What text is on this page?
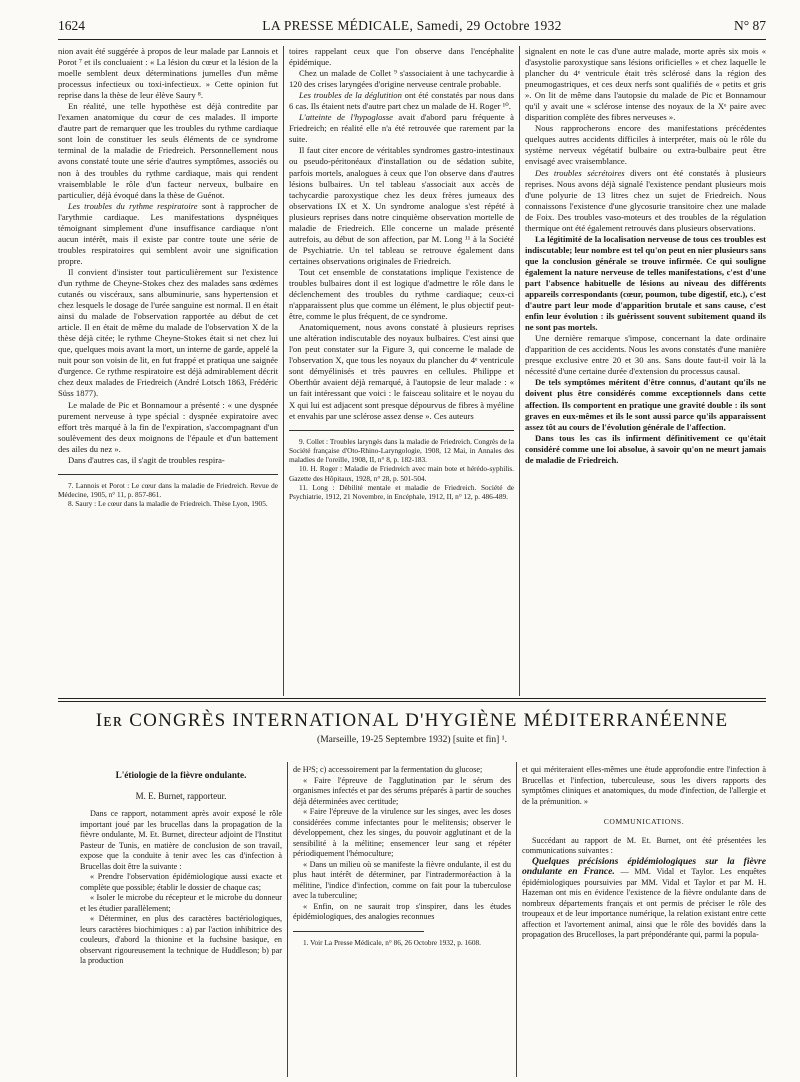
1624	LA PRESSE MÉDICALE, Samedi, 29 Octobre 1932	N° 87

nion avait été suggérée à propos de leur malade par Lannois et Porot ⁷ et ils concluaient : « La lésion du cœur et la lésion de la moelle semblent deux déterminations jumelles d'un même processus infectieux ou toxi-infectieux. » Cette opinion fut reprise dans la thèse de leur élève Saury ⁸.

En réalité, une telle hypothèse est déjà contredite par l'examen anatomique du cœur de ces malades. Il importe d'autre part de remarquer que les troubles du rythme cardiaque sont loin de constituer les seuls éléments de ce syndrome terminal de la maladie de Friedreich. Personnellement nous avons constaté toute une série d'autres symptômes, associés ou non à des troubles du rythme cardiaque, mais qui rendent vraisemblable le rôle d'un facteur nerveux, bulbaire en particulier, déjà évoqué dans la thèse de Guénot.

Les troubles du rythme respiratoire sont à rapprocher de l'arythmie cardiaque. Les manifestations dyspnéiques témoignant simplement d'une insuffisance cardiaque n'ont aucun intérêt, mais il existe par contre toute une série de troubles respiratoires qui semblent avoir une signification propre.

Il convient d'insister tout particulièrement sur l'existence d'un rythme de Cheyne-Stokes chez des malades sans œdèmes cutanés ou viscéraux, sans albuminurie, sans hypertension et chez lesquels le dosage de l'urée sanguine est normal. Il en était ainsi du malade de l'observation rapportée au début de cet article. Il en était de même du malade de l'observation X de la thèse déjà citée; le rythme Cheyne-Stokes était si net chez lui que, quelques mois avant la mort, un interne de garde, appelé la nuit pour son voisin de lit, en fut frappé et pratiqua une saignée d'urgence. Ce rythme respiratoire est déjà admirablement décrit chez deux malades de Friedreich (André Lotsch 1863, Frédéric Süss 1877).

Le malade de Pic et Bonnamour a présenté : « une dyspnée purement nerveuse à type spécial : dyspnée expiratoire avec effort très marqué à la fin de l'expiration, s'accompagnant d'un soulèvement des deux moignons de l'épaule et d'un battement des ailes du nez ».

Dans d'autres cas, il s'agit de troubles respira-

7. Lannois et Porot : Le cœur dans la maladie de Friedreich. Revue de Médecine, 1905, n° 11, p. 857-861.

8. Saury : Le cœur dans la maladie de Friedreich. Thèse Lyon, 1905.

toires rappelant ceux que l'on observe dans l'encéphalite épidémique.

Chez un malade de Collet ⁹ s'associaient à une tachycardie à 120 des crises laryngées d'origine nerveuse centrale probable.

Les troubles de la déglutition ont été constatés par nous dans 6 cas. Ils étaient nets d'autre part chez un malade de H. Roger ¹⁰.

L'atteinte de l'hypoglosse avait d'abord paru fréquente à Friedreich; en réalité elle n'a été retrouvée que rarement par la suite.

Il faut citer encore de véritables syndromes gastro-intestinaux ou pseudo-péritonéaux d'installation ou de sédation subite, parfois mortels, analogues à ceux que l'on observe dans d'autres lésions bulbaires. Un tel tableau s'associait aux accès de tachycardie paroxystique chez les deux frères jumeaux des observations IX et X. Un syndrome analogue s'est répété à plusieurs reprises dans notre cinquième observation mortelle de maladie de Friedreich. Elle concerne un malade présenté autrefois, au début de son affection, par M. Long ¹¹ à la Société de Psychiatrie. Un tel tableau se retrouve également dans certaines observations originales de Friedreich.

Tout cet ensemble de constatations implique l'existence de troubles bulbaires dont il est logique d'admettre le rôle dans le déclenchement des troubles du rythme cardiaque; ceux-ci n'apparaissent plus que comme un élément, le plus objectif peut-être, comme le plus fréquent, de ce syndrome.

Anatomiquement, nous avons constaté à plusieurs reprises une altération indiscutable des noyaux bulbaires. C'est ainsi que l'on peut constater sur la Figure 3, qui concerne le malade de l'observation X, que tous les noyaux du plancher du 4ᵉ ventricule sont démyélinisés et très pauvres en cellules. Philippe et Oberthür avaient déjà remarqué, à l'autopsie de leur malade : « un fait intéressant que voici : le faisceau solitaire et le noyau du X qui lui est adjacent sont presque dépourvus de fibres à myéline et envahis par une sclérose assez dense ». Ces auteurs

9. Collet : Troubles laryngés dans la maladie de Friedreich. Congrès de la Société française d'Oto-Rhino-Laryngologie, 1908, 12 Mai, in Annales des maladies de l'oreille, 1908, II, n° 8, p. 182-183.

10. H. Roger : Maladie de Friedreich avec main bote et hérédo-syphilis. Gazette des Hôpitaux, 1928, n° 28, p. 501-504.

11. Long : Débilité mentale et maladie de Friedreich. Société de Psychiatrie, 1912, 21 Novembre, in Encéphale, 1912, II, n° 12, p. 486-489.

signalent en note le cas d'une autre malade, morte après six mois « d'asystolie paroxystique sans lésions orificielles » et chez laquelle le plancher du 4ᵉ ventricule était très sclérosé dans la région des pneumogastriques, et ces deux nerfs sont qualifiés de « petits et gris ». On lit de même dans l'autopsie du malade de Pic et Bonnamour qu'il y avait une « sclérose intense des noyaux de la Xᵉ paire avec disparition complète des fibres nerveuses ».

Nous rapprocherons encore des manifestations précédentes quelques autres accidents difficiles à interpréter, mais où le rôle du système nerveux végétatif bulbaire ou extra-bulbaire peut être envisagé avec vraisemblance.

Des troubles sécrétoires divers ont été constatés à plusieurs reprises. Nous avons déjà signalé l'existence pendant plusieurs mois d'une polyurie de 13 litres chez un sujet de Friedreich. Nous connaissons l'existence d'une glycosurie transitoire chez une malade de Foix. Des troubles vaso-moteurs et des troubles de la régulation thermique ont été également retrouvés dans plusieurs observations.

La légitimité de la localisation nerveuse de tous ces troubles est indiscutable; leur nombre est tel qu'on peut en nier plusieurs sans que la conclusion générale se trouve infirmée. Ce qui souligne également la nature nerveuse de telles manifestations, c'est d'une part l'absence habituelle de lésions au niveau des différents appareils correspondants (cœur, poumon, tube digestif, etc.), c'est d'autre part leur mode d'apparition brutale et sans cause, c'est enfin leur évolution : ils guérissent souvent subitement quand ils ne sont pas mortels.

Une dernière remarque s'impose, concernant la date ordinaire d'apparition de ces accidents. Nous les avons constatés d'une manière presque exclusive entre 20 et 30 ans. Sans doute faut-il voir là la nécessité d'une certaine durée d'extension du processus causal.

De tels symptômes méritent d'être connus, d'autant qu'ils ne doivent plus être considérés comme exceptionnels dans cette affection. Ils comportent en pratique une gravité double : ils sont graves en eux-mêmes et ils le sont aussi parce qu'ils apparaissent assez tôt au cours de l'évolution générale de l'affection.

Dans tous les cas ils infirment définitivement ce qu'était considéré comme une loi absolue, à savoir qu'on ne meurt jamais de maladie de Friedreich.

Iᴇʀ CONGRÈS INTERNATIONAL D'HYGIÈNE MÉDITERRANÉENNE
(Marseille, 19-25 Septembre 1932) [suite et fin] ¹.

L'étiologie de la fièvre ondulante.

M. E. Burnet, rapporteur.

Dans ce rapport, notamment après avoir exposé le rôle important joué par les brucellas dans la propagation de la fièvre ondulante, M. Et. Burnet, directeur adjoint de l'Institut Pasteur de Tunis, en matière de conclusion de son travail, expose que la conduite à tenir avec les cas d'infection à Brucellas doit être la suivante :

« Prendre l'observation épidémiologique aussi exacte et complète que possible; établir le dossier de chaque cas;

« Isoler le microbe du récepteur et le microbe du donneur et les étudier parallèlement;

« Déterminer, en plus des caractères bactériologiques, leurs caractères biochimiques : a) par l'action inhibitrice des couleurs, d'abord la thionine et la fuchsine basique, en observant rigoureusement la technique de Huddleson; b) par la production

de H²S; c) accessoirement par la fermentation du glucose;

« Faire l'épreuve de l'agglutination par le sérum des organismes infectés et par des sérums préparés à partir de souches déjà déterminées avec certitude;

« Faire l'épreuve de la virulence sur les singes, avec les doses considérées comme infectantes pour le melitensis; observer le développement, chez les singes, du pouvoir agglutinant et de la sensibilité à la mélitine; ensemencer leur sang et répéter périodiquement l'hémoculture;

« Dans un milieu où se manifeste la fièvre ondulante, il est du plus haut intérêt de déterminer, par l'intradermoréaction à la mélitine, l'indice d'infection, comme on fait pour la tuberculose avec la tuberculine;

« Enfin, on ne saurait trop s'inspirer, dans les études épidémiologiques, des analogies reconnues

1. Voir La Presse Médicale, n° 86, 26 Octobre 1932, p. 1608.

et qui mériteraient elles-mêmes une étude approfondie entre l'infection à Brucellas et l'infection, tuberculeuse, sous les divers rapports des symptômes cliniques et anatomiques, du mode d'infection, de l'allergie et de la prémunition. »

COMMUNICATIONS.

Succédant au rapport de M. Et. Burnet, ont été présentées les communications suivantes :

Quelques précisions épidémiologiques sur la fièvre ondulante en France. — MM. Vidal et Taylor. Les enquêtes épidémiologiques poursuivies par MM. Vidal et Taylor et par M. H. Hazeman ont mis en évidence l'existence de la fièvre ondulante dans de nombreux départements français et ont permis de préciser le rôle des troupeaux et de leur importance numérique, la relation existant entre cette affection et l'avortement animal, ainsi que le rôle des bovidés dans la propagation des Brucelloses, la part prépondérante qui, parmi la popula-
